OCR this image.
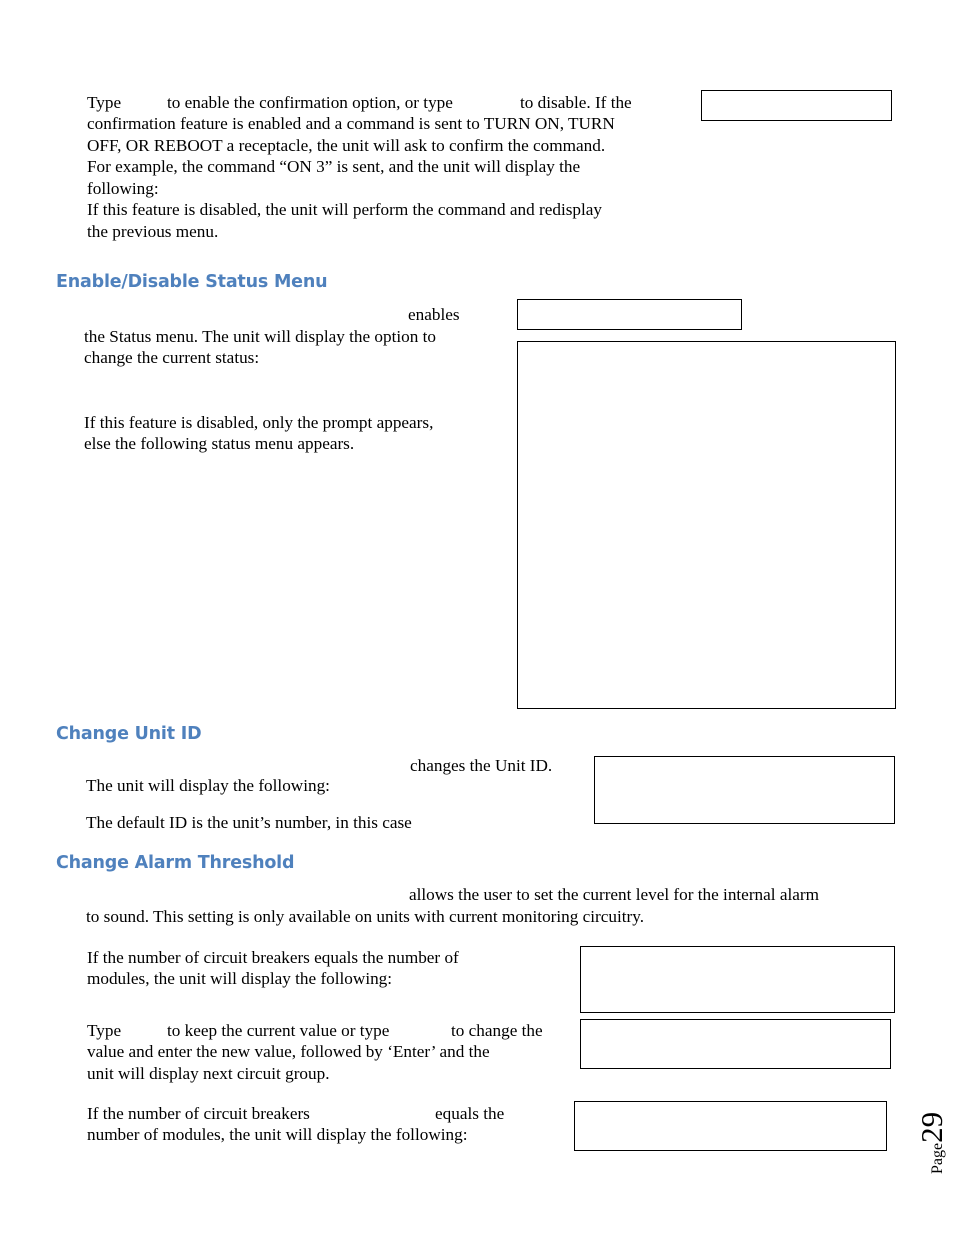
Type	to enable the confirmation option, or type	to disable. If the

confirmation feature is enabled and a command is sent to TURN ON, TURN

OFF, OR REBOOT a receptacle, the unit will ask to confirm the command.

For example, the command “ON 3” is sent, and the unit will display the

following:

If this feature is disabled, the unit will perform the command and redisplay

the previous menu.

Enable/Disable Status Menu

enables

the Status menu. The unit will display the option to

change the current status:

If this feature is disabled, only the prompt appears,

else the following status menu appears.

Change Unit ID

changes the Unit ID.

The unit will display the following:

The default ID is the unit’s number, in this case

Change Alarm Threshold

allows the user to set the current level for the internal alarm

to sound. This setting is only available on units with current monitoring circuitry.

If the number of circuit breakers equals the number of

modules, the unit will display the following:

Type	to keep the current value or type	to change the

value and enter the new value, followed by ‘Enter’ and the

unit will display next circuit group.

If the number of circuit breakers	equals the

number of modules, the unit will display the following:

Page29
